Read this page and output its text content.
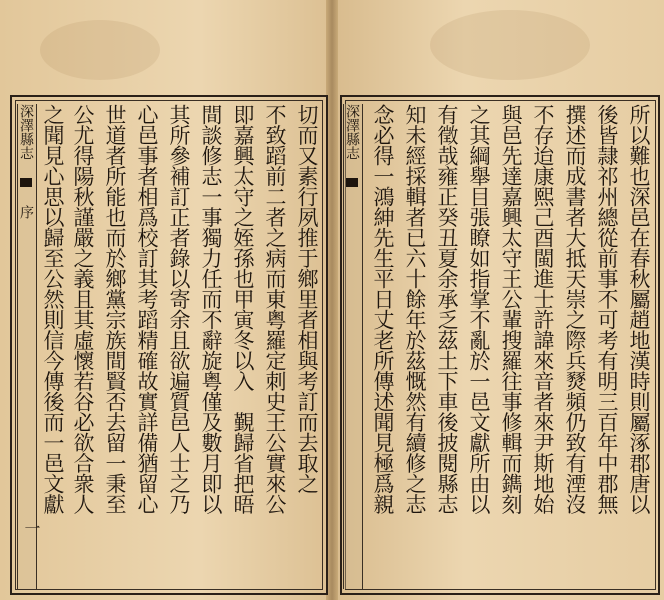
深澤縣志  序
一
切而又素行夙推于鄉里者相與考訂而去取之
不致蹈前二者之病而東粤羅定刺史王公實來公
即嘉興太守之姪孫也甲寅冬以入　覲歸省把晤
間談修志一事獨力任而不辭旋粤僅及數月即以
其所參補訂正者錄以寄余且欲遍質邑人士之乃
心邑事者相爲校訂其考蹈精確故實詳備猶留心
世道者所能也而於鄉黨宗族間賢否去留一秉至
公尤得陽秋謹嚴之義且其虛懷若谷必欲合衆人
之聞見心思以歸至公然則信今傳後而一邑文獻	所以難也深邑在春秋屬趙地漢時則屬涿郡唐以
後皆隷祁州總從前事不可考有明三百年中郡無
撰述而成書者大抵天崇之際兵燹頻仍致有湮沒
不存迨康熙己酉閩進士許諱來音者來尹斯地始
與邑先達嘉興太守王公輩搜羅往事修輯而鐫刻
之其綱舉目張瞭如指掌不亂於一邑文獻所由以
有徵哉雍正癸丑夏余承乏茲土下車後披閱縣志
知未經採輯者已六十餘年於茲慨然有續修之志
念必得一鴻紳先生平日丈老所傳述聞見極爲親
深澤縣志
